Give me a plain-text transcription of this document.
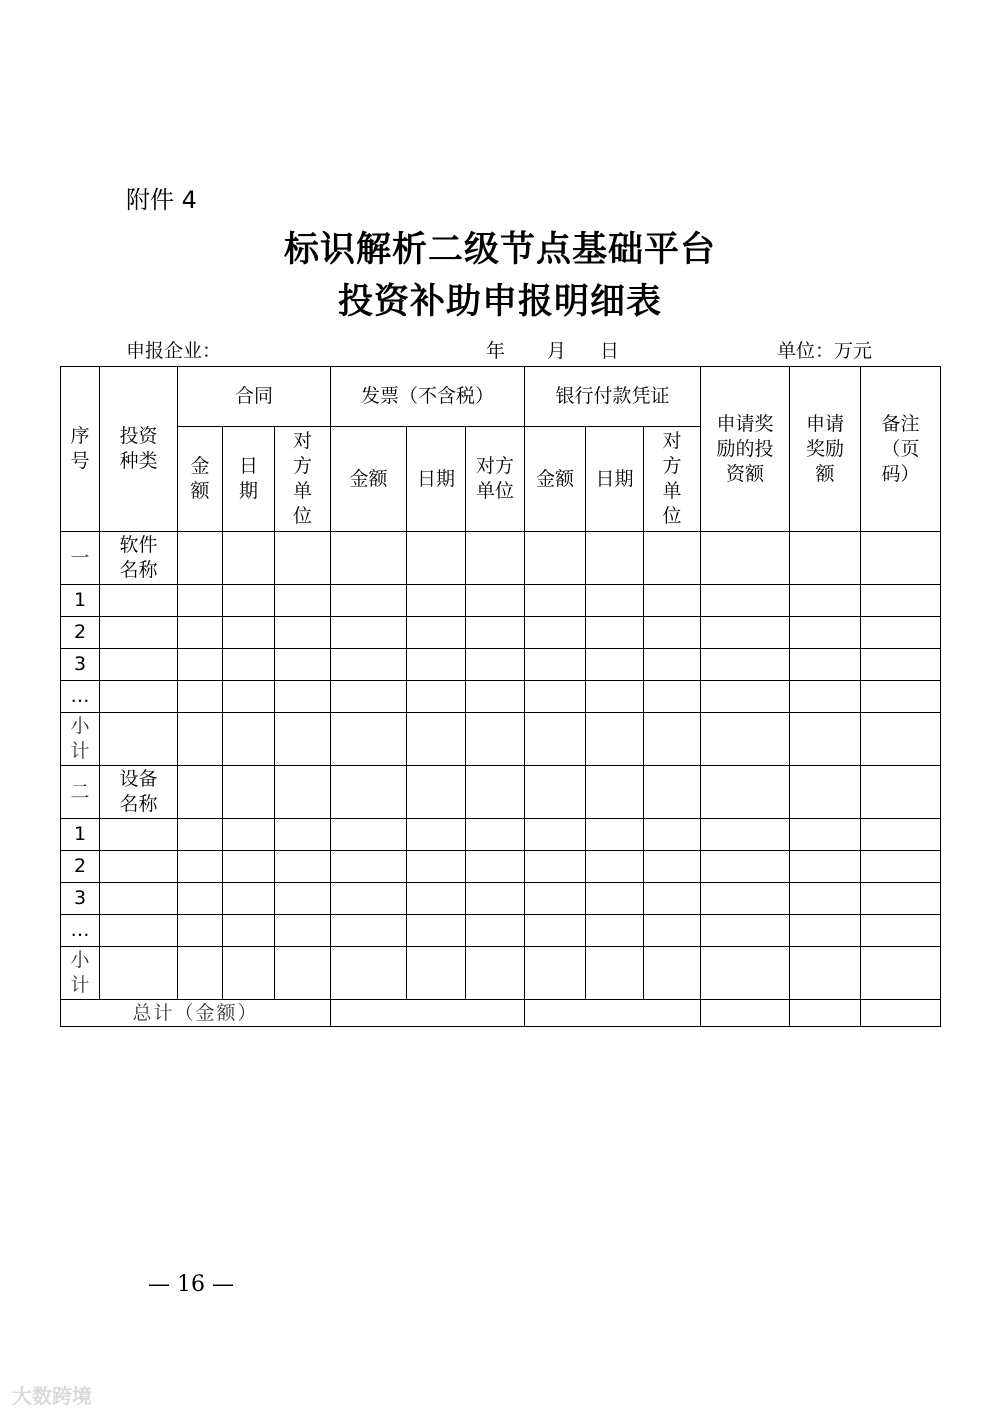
附件 4
标识解析二级节点基础平台
投资补助申报明细表
申报企业：	年 月 日	单位：万元
序号	投资种类	合同			发票（不含税）			银行付款凭证			申请奖励的投资额	申请奖励额	备注（页码）

		金额	日期	对方单位	金额	日期	对方单位	金额	日期	对方单位			

一	软件名称												

1													
2													
3													
…													

小计													

二	设备名称												

1													
2													
3													
…													

小计													

总计（金额）													
— 16 —
大数跨境
